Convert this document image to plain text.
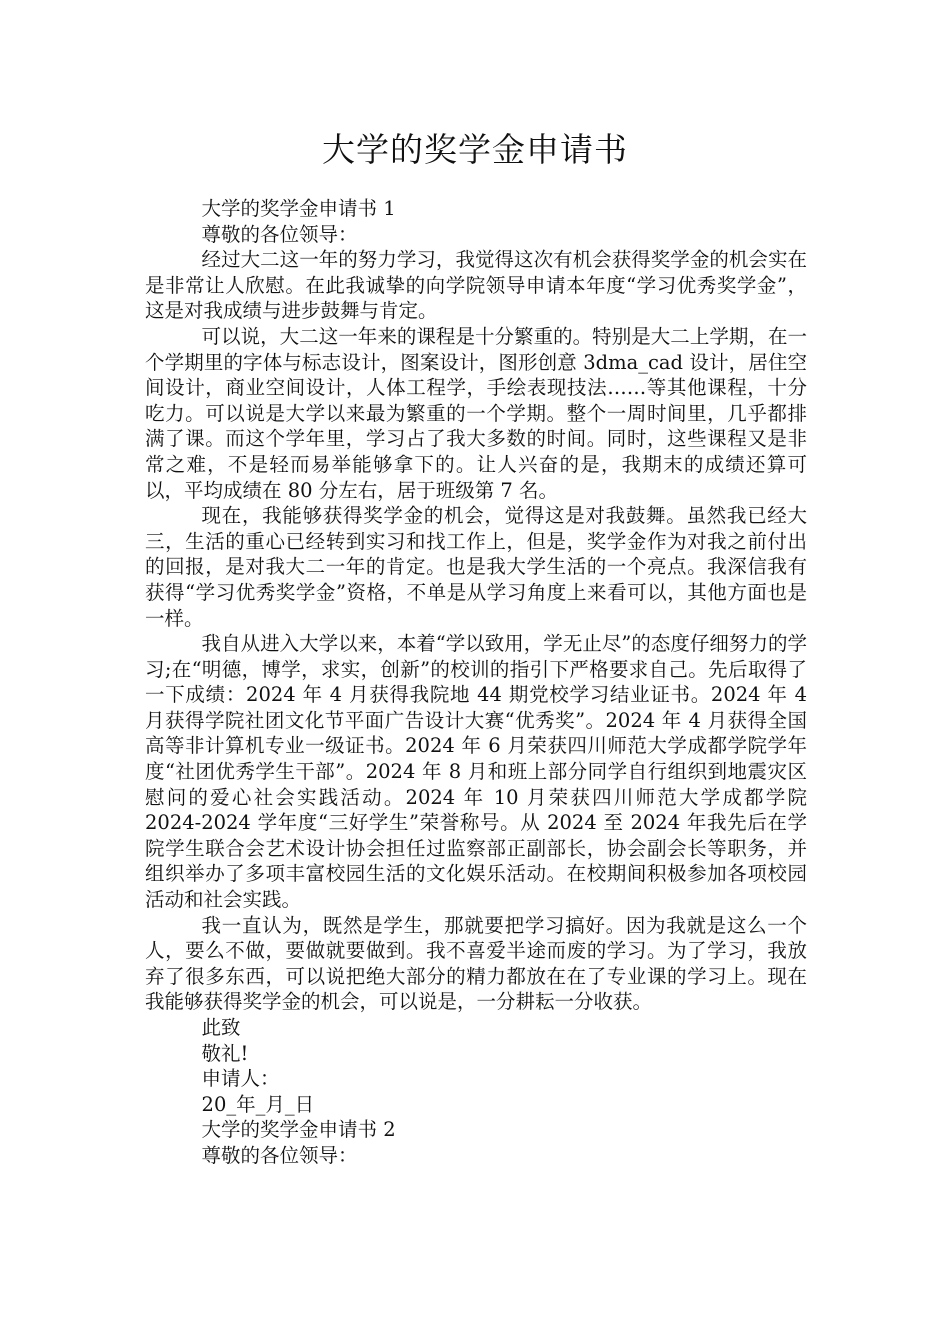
大学的奖学金申请书

大学的奖学金申请书 1

尊敬的各位领导：

经过大二这一年的努力学习，我觉得这次有机会获得奖学金的机会实在是非常让人欣慰。在此我诚挚的向学院领导申请本年度“学习优秀奖学金”，这是对我成绩与进步鼓舞与肯定。

可以说，大二这一年来的课程是十分繁重的。特别是大二上学期，在一个学期里的字体与标志设计，图案设计，图形创意 3dma_cad 设计，居住空间设计，商业空间设计，人体工程学，手绘表现技法……等其他课程，十分吃力。可以说是大学以来最为繁重的一个学期。整个一周时间里，几乎都排满了课。而这个学年里，学习占了我大多数的时间。同时，这些课程又是非常之难，不是轻而易举能够拿下的。让人兴奋的是，我期末的成绩还算可以，平均成绩在 80 分左右，居于班级第 7 名。

现在，我能够获得奖学金的机会，觉得这是对我鼓舞。虽然我已经大三，生活的重心已经转到实习和找工作上，但是，奖学金作为对我之前付出的回报，是对我大二一年的肯定。也是我大学生活的一个亮点。我深信我有获得“学习优秀奖学金”资格，不单是从学习角度上来看可以，其他方面也是一样。

我自从进入大学以来，本着“学以致用，学无止尽”的态度仔细努力的学习;在“明德，博学，求实，创新”的校训的指引下严格要求自己。先后取得了一下成绩：2024 年 4 月获得我院地 44 期党校学习结业证书。2024 年 4 月获得学院社团文化节平面广告设计大赛“优秀奖”。2024 年 4 月获得全国高等非计算机专业一级证书。2024 年 6 月荣获四川师范大学成都学院学年度“社团优秀学生干部”。2024 年 8 月和班上部分同学自行组织到地震灾区慰问的爱心社会实践活动。2024 年 10 月荣获四川师范大学成都学院 2024-2024 学年度“三好学生”荣誉称号。从 2024 至 2024 年我先后在学院学生联合会艺术设计协会担任过监察部正副部长，协会副会长等职务，并组织举办了多项丰富校园生活的文化娱乐活动。在校期间积极参加各项校园活动和社会实践。

我一直认为，既然是学生，那就要把学习搞好。因为我就是这么一个人，要么不做，要做就要做到。我不喜爱半途而废的学习。为了学习，我放弃了很多东西，可以说把绝大部分的精力都放在在了专业课的学习上。现在我能够获得奖学金的机会，可以说是，一分耕耘一分收获。

此致

敬礼!

申请人：

20_年_月_日

大学的奖学金申请书 2

尊敬的各位领导：
